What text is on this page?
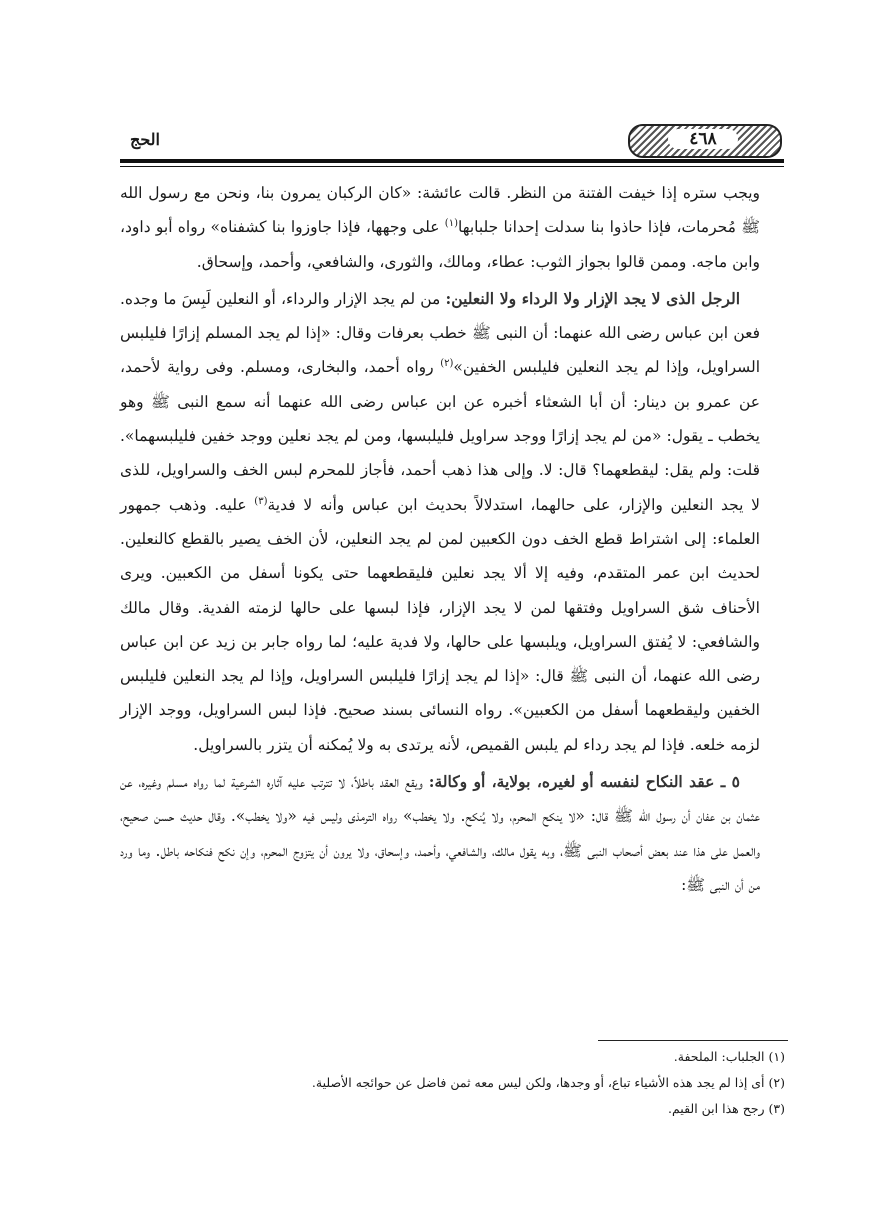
الحج	٤٦٨

ويجب ستره إذا خيفت الفتنة من النظر. قالت عائشة: «كان الركبان يمرون بنا، ونحن مع رسول الله ﷺ مُحرمات، فإذا حاذوا بنا سدلت إحدانا جلبابها$^{(١)}$ على وجهها، فإذا جاوزوا بنا كشفناه» رواه أبو داود، وابن ماجه. وممن قالوا بجواز الثوب: عطاء، ومالك، والثورى، والشافعي، وأحمد، وإسحاق.

الرجل الذى لا يجد الإزار ولا الرداء ولا النعلين: من لم يجد الإزار والرداء، أو النعلين لَبِسَ ما وجده. فعن ابن عباس رضى الله عنهما: أن النبى ﷺ خطب بعرفات وقال: «إذا لم يجد المسلم إزارًا فليلبس السراويل، وإذا لم يجد النعلين فليلبس الخفين»$^{(٢)}$ رواه أحمد، والبخارى، ومسلم. وفى رواية لأحمد، عن عمرو بن دينار: أن أبا الشعثاء أخبره عن ابن عباس رضى الله عنهما أنه سمع النبى ﷺ وهو يخطب ـ يقول: «من لم يجد إزارًا ووجد سراويل فليلبسها، ومن لم يجد نعلين ووجد خفين فليلبسهما». قلت: ولم يقل: ليقطعهما؟ قال: لا. وإلى هذا ذهب أحمد، فأجاز للمحرم لبس الخف والسراويل، للذى لا يجد النعلين والإزار، على حالهما، استدلالاً بحديث ابن عباس وأنه لا فدية$^{(٣)}$ عليه. وذهب جمهور العلماء: إلى اشتراط قطع الخف دون الكعبين لمن لم يجد النعلين، لأن الخف يصير بالقطع كالنعلين. لحديث ابن عمر المتقدم، وفيه إلا ألا يجد نعلين فليقطعهما حتى يكونا أسفل من الكعبين. ويرى الأحناف شق السراويل وفتقها لمن لا يجد الإزار، فإذا لبسها على حالها لزمته الفدية. وقال مالك والشافعي: لا يُفتق السراويل، ويلبسها على حالها، ولا فدية عليه؛ لما رواه جابر بن زيد عن ابن عباس رضى الله عنهما، أن النبى ﷺ قال: «إذا لم يجد إزارًا فليلبس السراويل، وإذا لم يجد النعلين فليلبس الخفين وليقطعهما أسفل من الكعبين». رواه النسائى بسند صحيح. فإذا لبس السراويل، ووجد الإزار لزمه خلعه. فإذا لم يجد رداء لم يلبس القميص، لأنه يرتدى به ولا يُمكنه أن يتزر بالسراويل.

٥ ـ عقد النكاح لنفسه أو لغيره، بولاية، أو وكالة: ويقع العقد باطلاً، لا تترتب عليه آثاره الشرعية لما رواه مسلم وغيره، عن عثمان بن عفان أن رسول الله ﷺ قال: «لا ينكح المحرم، ولا يُنكح. ولا يخطب» رواه الترمذى وليس فيه «ولا يخطب». وقال حديث حسن صحيح، والعمل على هذا عند بعض أصحاب النبى ﷺ، وبه يقول مالك، والشافعي، وأحمد، وإسحاق، ولا يرون أن يتزوج المحرم، وإن نكح فنكاحه باطل. وما ورد من أن النبى ﷺ:

(١) الجلباب: الملحفة.
(٢) أى إذا لم يجد هذه الأشياء تباع، أو وجدها، ولكن ليس معه ثمن فاضل عن حوائجه الأصلية.
(٣) رجح هذا ابن القيم.
